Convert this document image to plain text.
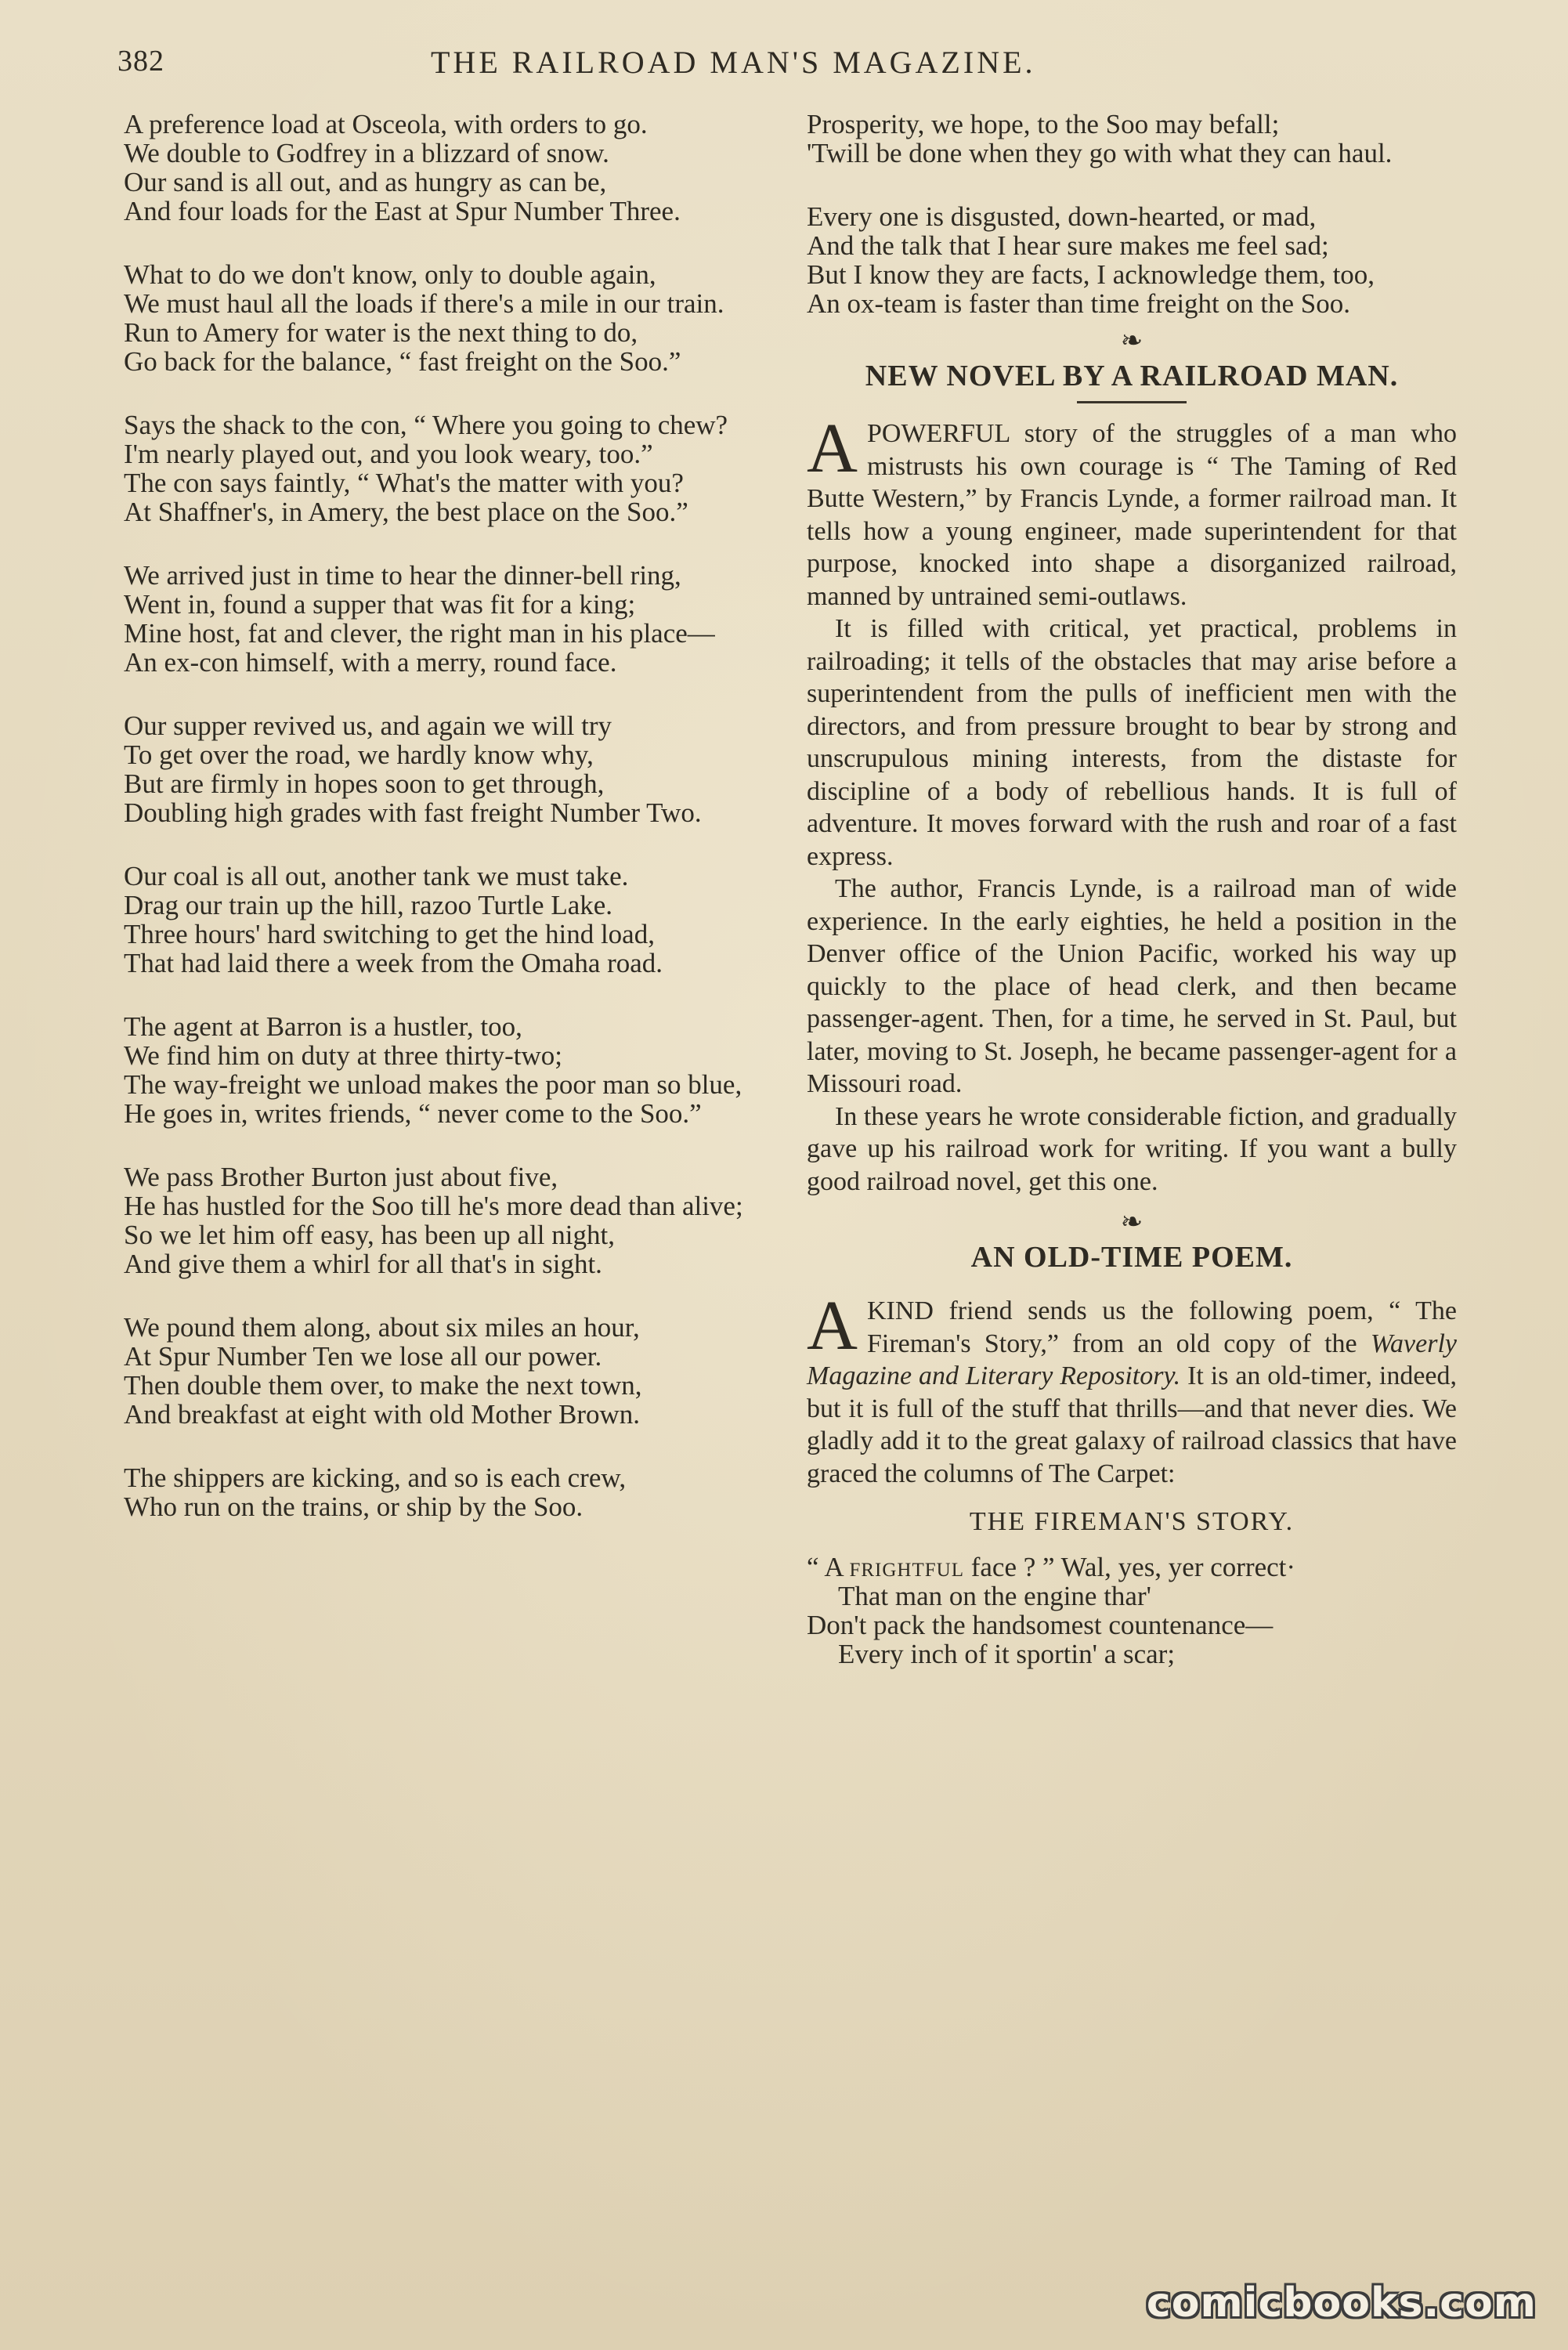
382	THE RAILROAD MAN'S MAGAZINE.
A preference load at Osceola, with orders to go.
We double to Godfrey in a blizzard of snow.
Our sand is all out, and as hungry as can be,
And four loads for the East at Spur Number Three.
What to do we don't know, only to double again,
We must haul all the loads if there's a mile in our train.
Run to Amery for water is the next thing to do,
Go back for the balance, “ fast freight on the Soo.”
Says the shack to the con, “ Where you going to chew?
I'm nearly played out, and you look weary, too.”
The con says faintly, “ What's the matter with you?
At Shaffner's, in Amery, the best place on the Soo.”
We arrived just in time to hear the dinner-bell ring,
Went in, found a supper that was fit for a king;
Mine host, fat and clever, the right man in his place—
An ex-con himself, with a merry, round face.
Our supper revived us, and again we will try
To get over the road, we hardly know why,
But are firmly in hopes soon to get through,
Doubling high grades with fast freight Number Two.
Our coal is all out, another tank we must take.
Drag our train up the hill, razoo Turtle Lake.
Three hours' hard switching to get the hind load,
That had laid there a week from the Omaha road.
The agent at Barron is a hustler, too,
We find him on duty at three thirty-two;
The way-freight we unload makes the poor man so blue,
He goes in, writes friends, “ never come to the Soo.”
We pass Brother Burton just about five,
He has hustled for the Soo till he's more dead than alive;
So we let him off easy, has been up all night,
And give them a whirl for all that's in sight.
We pound them along, about six miles an hour,
At Spur Number Ten we lose all our power.
Then double them over, to make the next town,
And breakfast at eight with old Mother Brown.
The shippers are kicking, and so is each crew,
Who run on the trains, or ship by the Soo.
Prosperity, we hope, to the Soo may befall;
'Twill be done when they go with what they can haul.
Every one is disgusted, down-hearted, or mad,
And the talk that I hear sure makes me feel sad;
But I know they are facts, I acknowledge them, too,
An ox-team is faster than time freight on the Soo.
❧
NEW NOVEL BY A RAILROAD MAN.

APOWERFUL story of the struggles of a man who mistrusts his own courage is “ The Taming of Red Butte Western,” by Francis Lynde, a former railroad man. It tells how a young engineer, made superintendent for that purpose, knocked into shape a disorganized railroad, manned by untrained semi-outlaws.

It is filled with critical, yet practical, problems in railroading; it tells of the obstacles that may arise before a superintendent from the pulls of inefficient men with the directors, and from pressure brought to bear by strong and unscrupulous mining interests, from the distaste for discipline of a body of rebellious hands. It is full of adventure. It moves forward with the rush and roar of a fast express.

The author, Francis Lynde, is a railroad man of wide experience. In the early eighties, he held a position in the Denver office of the Union Pacific, worked his way up quickly to the place of head clerk, and then became passenger-agent. Then, for a time, he served in St. Paul, but later, moving to St. Joseph, he became passenger-agent for a Missouri road.

In these years he wrote considerable fiction, and gradually gave up his railroad work for writing. If you want a bully good railroad novel, get this one.

❧
AN OLD-TIME POEM.

AKIND friend sends us the following poem, “ The Fireman's Story,” from an old copy of the Waverly Magazine and Literary Repository. It is an old-timer, indeed, but it is full of the stuff that thrills—and that never dies. We gladly add it to the great galaxy of railroad classics that have graced the columns of The Carpet:

THE FIREMAN'S STORY.
“ A frightful face ? ” Wal, yes, yer correct·
That man on the engine thar'
Don't pack the handsomest countenance—
Every inch of it sportin' a scar;
comicbooks.com
